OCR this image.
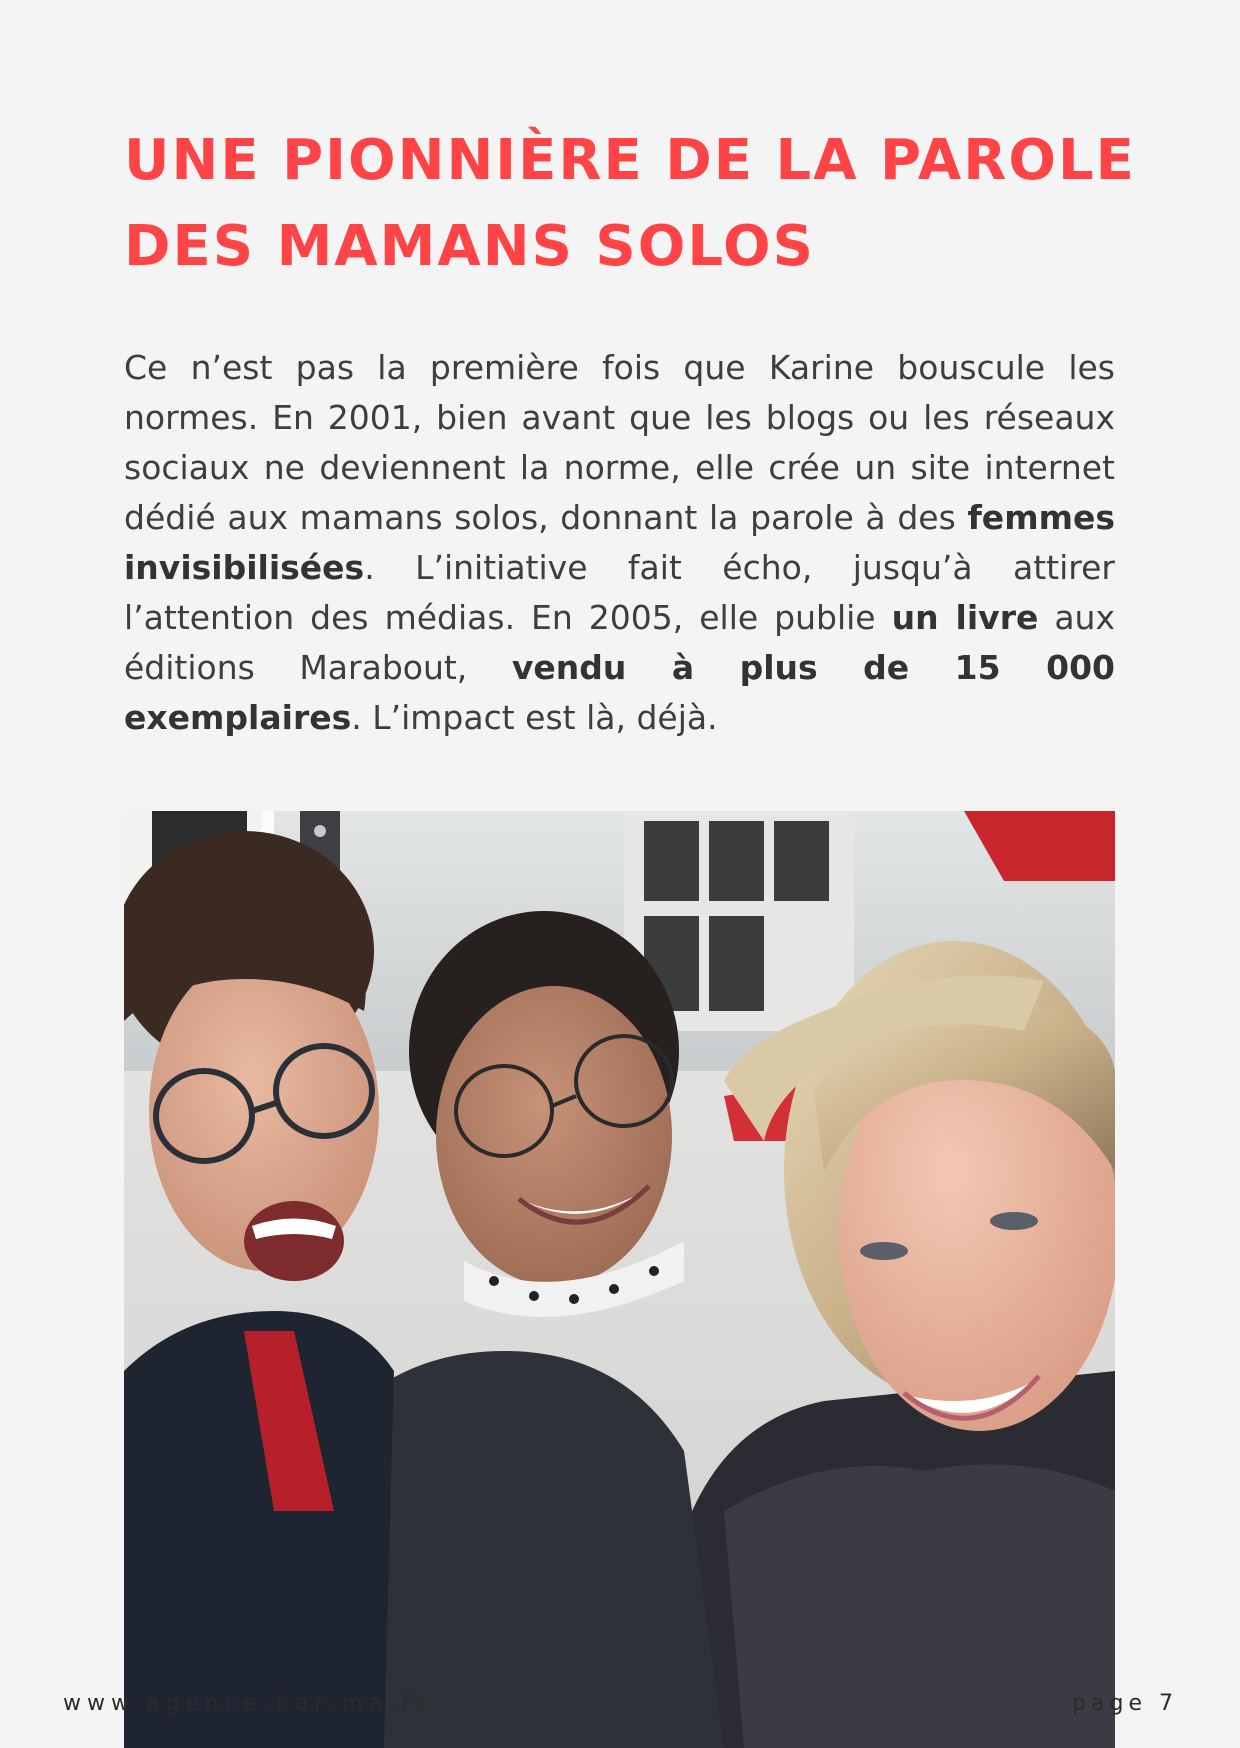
UNE PIONNIÈRE DE LA PAROLE
DES MAMANS SOLOS

Ce n’est pas la première fois que Karine bouscule les normes. En 2001, bien avant que les blogs ou les réseaux sociaux ne deviennent la norme, elle crée un site internet dédié aux mamans solos, donnant la parole à des femmes invisibilisées. L’initiative fait écho, jusqu’à attirer l’attention des médias. En 2005, elle publie un livre aux éditions Marabout, vendu à plus de 15 000 exemplaires. L’impact est là, déjà.

www.agence-kar-ma.fr	page 7
